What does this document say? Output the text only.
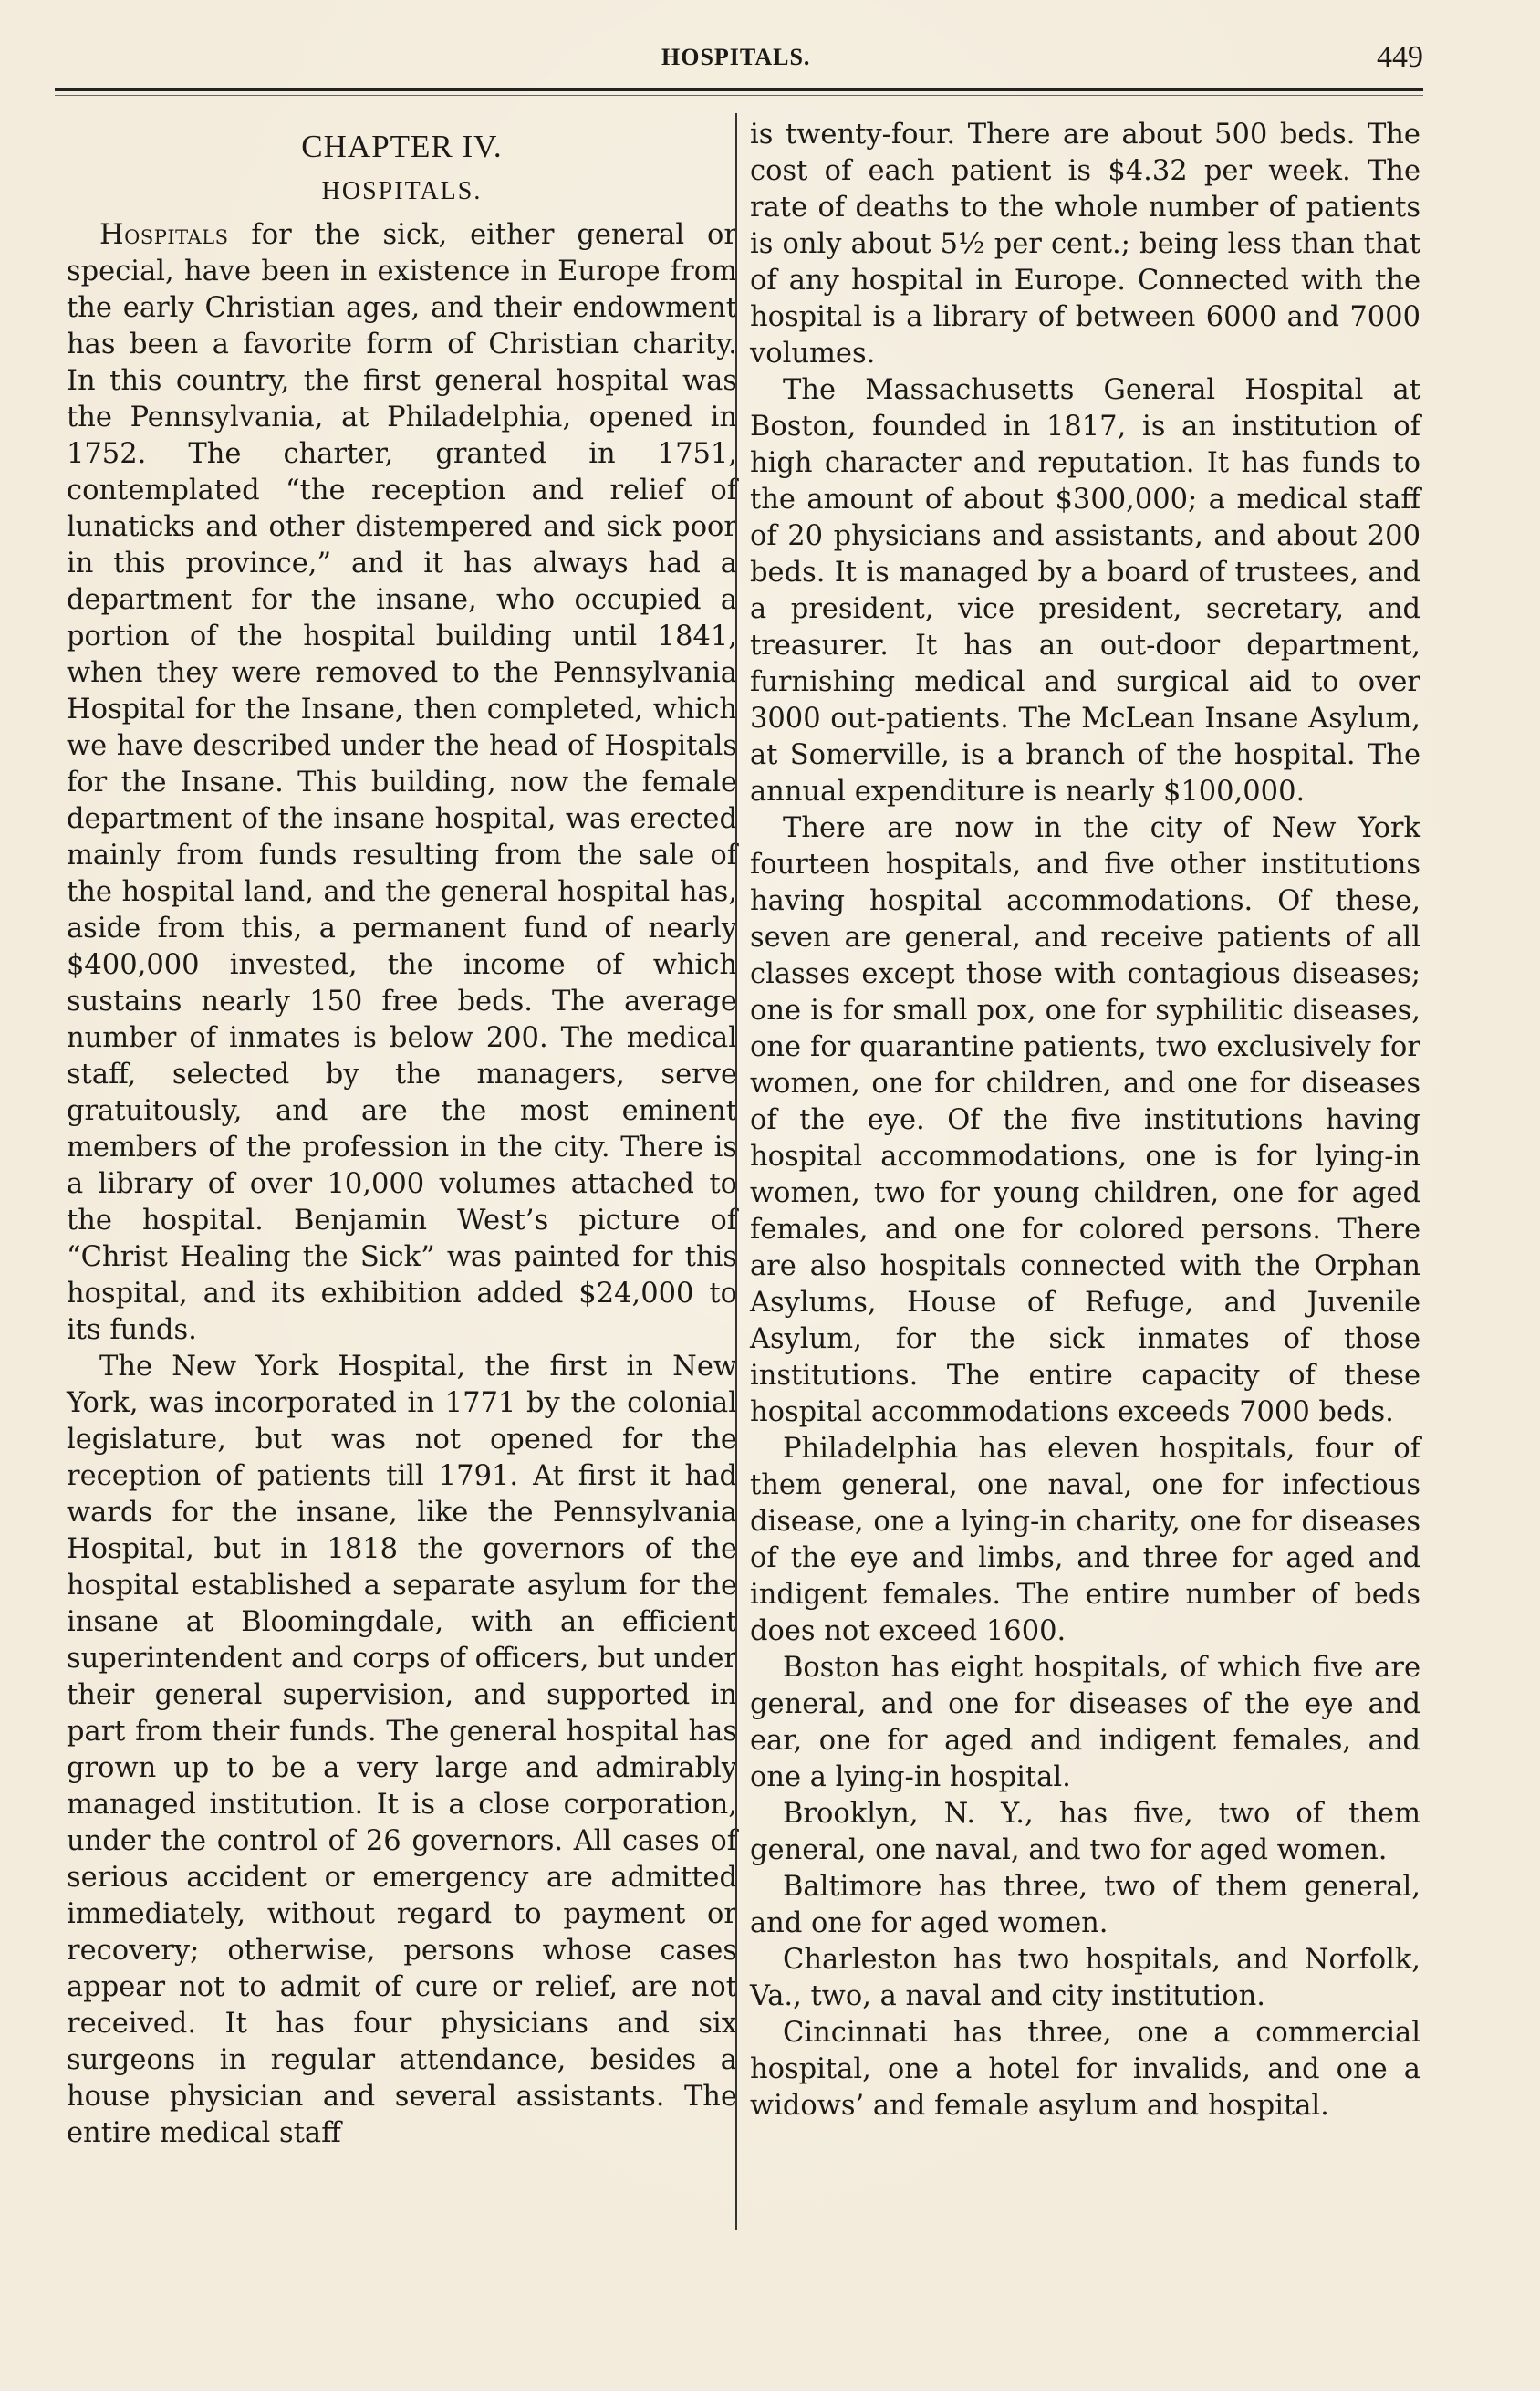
HOSPITALS.	449
CHAPTER IV.
HOSPITALS.

Hospitals for the sick, either general or special, have been in existence in Europe from the early Christian ages, and their endowment has been a favorite form of Christian charity. In this country, the first general hospital was the Pennsylvania, at Philadelphia, opened in 1752. The charter, granted in 1751, contemplated “the reception and relief of lunaticks and other distempered and sick poor in this province,” and it has always had a department for the insane, who occupied a portion of the hospital building until 1841, when they were removed to the Pennsylvania Hospital for the Insane, then completed, which we have described under the head of Hospitals for the Insane. This building, now the female department of the insane hospital, was erected mainly from funds resulting from the sale of the hospital land, and the general hospital has, aside from this, a permanent fund of nearly $400,000 invested, the income of which sustains nearly 150 free beds. The average number of inmates is below 200. The medical staff, selected by the managers, serve gratuitously, and are the most eminent members of the profession in the city. There is a library of over 10,000 volumes attached to the hospital. Benjamin West’s picture of “Christ Healing the Sick” was painted for this hospital, and its exhibition added $24,000 to its funds.

The New York Hospital, the first in New York, was incorporated in 1771 by the colonial legislature, but was not opened for the reception of patients till 1791. At first it had wards for the insane, like the Pennsylvania Hospital, but in 1818 the governors of the hospital established a separate asylum for the insane at Bloomingdale, with an efficient superintendent and corps of officers, but under their general supervision, and supported in part from their funds. The general hospital has grown up to be a very large and admirably managed institution. It is a close corporation, under the control of 26 governors. All cases of serious accident or emergency are admitted immediately, without regard to payment or recovery; otherwise, persons whose cases appear not to admit of cure or relief, are not received. It has four physicians and six surgeons in regular attendance, besides a house physician and several assistants. The entire medical staff

is twenty-four. There are about 500 beds. The cost of each patient is $4.32 per week. The rate of deaths to the whole number of patients is only about 5½ per cent.; being less than that of any hospital in Europe. Connected with the hospital is a library of between 6000 and 7000 volumes.

The Massachusetts General Hospital at Boston, founded in 1817, is an institution of high character and reputation. It has funds to the amount of about $300,000; a medical staff of 20 physicians and assistants, and about 200 beds. It is managed by a board of trustees, and a president, vice president, secretary, and treasurer. It has an out-door department, furnishing medical and surgical aid to over 3000 out-patients. The McLean Insane Asylum, at Somerville, is a branch of the hospital. The annual expenditure is nearly $100,000.

There are now in the city of New York fourteen hospitals, and five other institutions having hospital accommodations. Of these, seven are general, and receive patients of all classes except those with contagious diseases; one is for small pox, one for syphilitic diseases, one for quarantine patients, two exclusively for women, one for children, and one for diseases of the eye. Of the five institutions having hospital accommodations, one is for lying-in women, two for young children, one for aged females, and one for colored persons. There are also hospitals connected with the Orphan Asylums, House of Refuge, and Juvenile Asylum, for the sick inmates of those institutions. The entire capacity of these hospital accommodations exceeds 7000 beds.

Philadelphia has eleven hospitals, four of them general, one naval, one for infectious disease, one a lying-in charity, one for diseases of the eye and limbs, and three for aged and indigent females. The entire number of beds does not exceed 1600.

Boston has eight hospitals, of which five are general, and one for diseases of the eye and ear, one for aged and indigent females, and one a lying-in hospital.

Brooklyn, N. Y., has five, two of them general, one naval, and two for aged women.

Baltimore has three, two of them general, and one for aged women.

Charleston has two hospitals, and Norfolk, Va., two, a naval and city institution.

Cincinnati has three, one a commercial hospital, one a hotel for invalids, and one a widows’ and female asylum and hospital.
